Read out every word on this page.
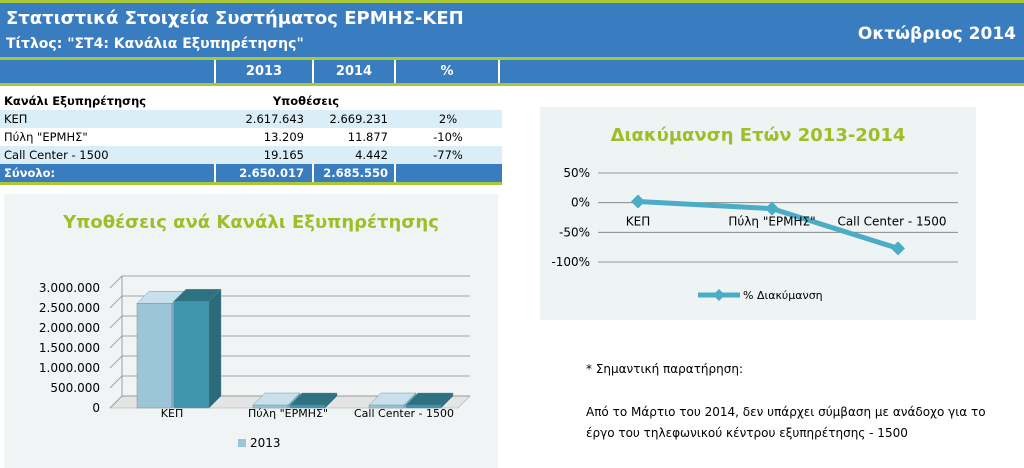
Στατιστικά Στοιχεία Συστήματος ΕΡΜΗΣ-ΚΕΠ
Τίτλος: "ΣΤ4: Κανάλια Εξυπηρέτησης"	Οκτώβριος 2014
2013	2014	% Διακύμανση
Κανάλι Εξυπηρέτησης	Υποθέσεις
ΚΕΠ	2.617.643	2.669.231	2%
Πύλη "ΕΡΜΗΣ"	13.209	11.877	-10%
Call Center - 1500	19.165	4.442	-77%
Σύνολο:	2.650.017	2.685.550
Υποθέσεις ανά Κανάλι Εξυπηρέτησης
0
500.000
1.000.000
1.500.000
2.000.000
2.500.000
3.000.000
ΚΕΠ	Πύλη "ΕΡΜΗΣ" Call Center - 1500
2013
Διακύμανση Ετών 2013-2014
50%
0%
-50%
-100%
ΚΕΠ	Πύλη "ΕΡΜΗΣ" Call Center - 1500
% Διακύμανση
* Σημαντική παρατήρηση:
Από το Μάρτιο του 2014, δεν υπάρχει σύμβαση με ανάδοχο για το έργο του τηλεφωνικού κέντρου εξυπηρέτησης - 1500
